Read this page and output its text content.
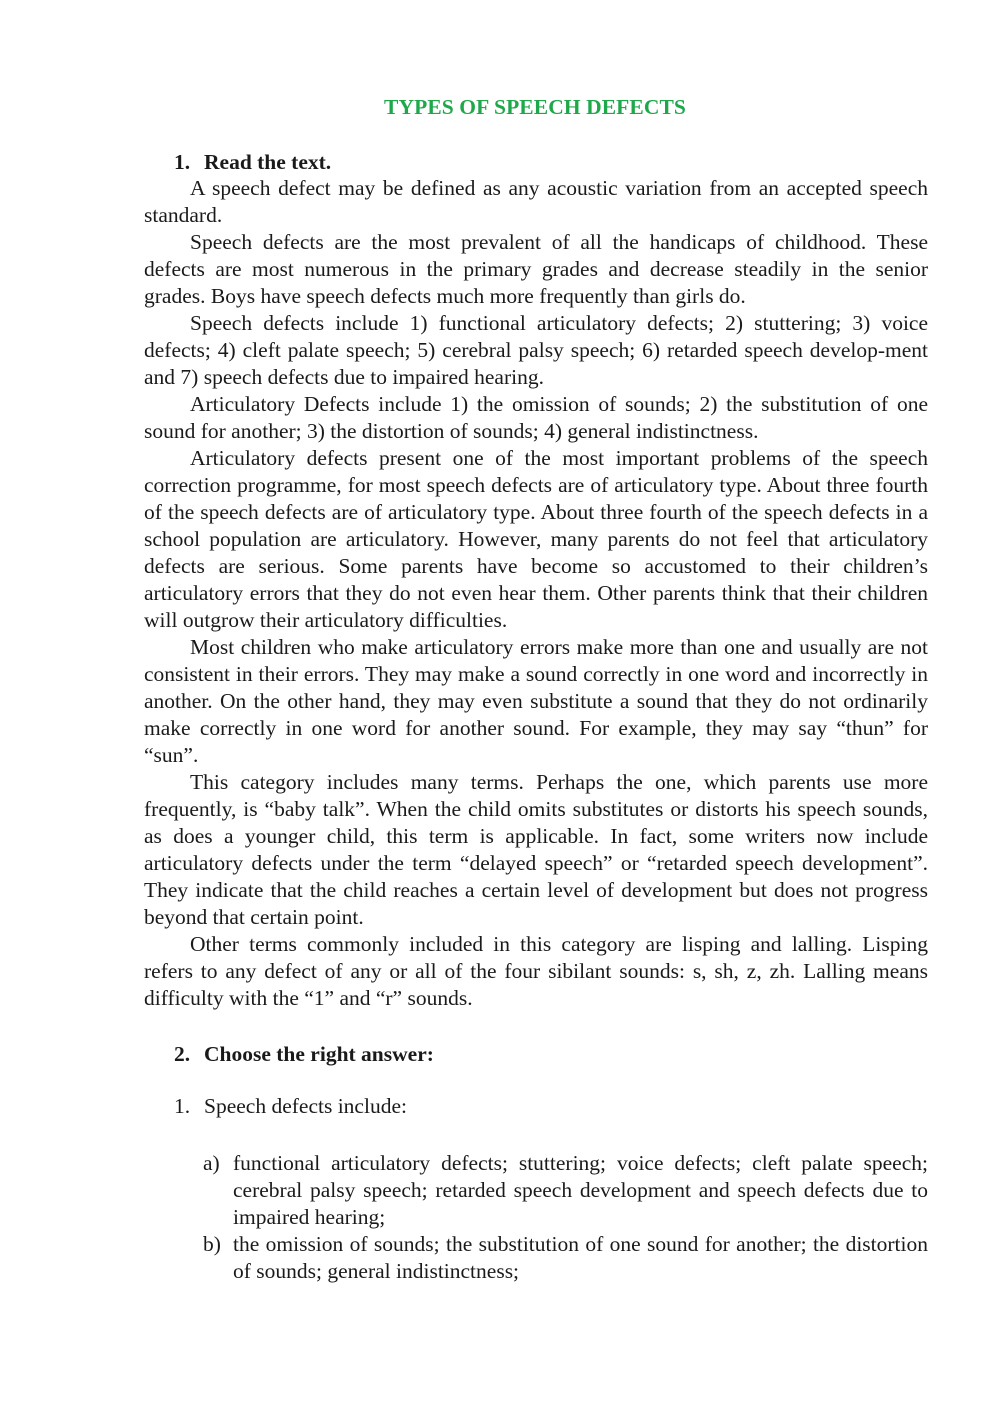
TYPES OF SPEECH DEFECTS
1. Read the text.

A speech defect may be defined as any acoustic variation from an accepted speech standard.

Speech defects are the most prevalent of all the handicaps of childhood. These defects are most numerous in the primary grades and decrease steadily in the senior grades. Boys have speech defects much more frequently than girls do.

Speech defects include 1) functional articulatory defects; 2) stuttering; 3) voice defects; 4) cleft palate speech; 5) cerebral palsy speech; 6) retarded speech develop-ment and 7) speech defects due to impaired hearing.

Articulatory Defects include 1) the omission of sounds; 2) the substitution of one sound for another; 3) the distortion of sounds; 4) general indistinctness.

Articulatory defects present one of the most important problems of the speech correction programme, for most speech defects are of articulatory type. About three fourth of the speech defects are of articulatory type. About three fourth of the speech defects in a school population are articulatory. However, many parents do not feel that articulatory defects are serious. Some parents have become so accustomed to their children’s articulatory errors that they do not even hear them. Other parents think that their children will outgrow their articulatory difficulties.

Most children who make articulatory errors make more than one and usually are not consistent in their errors. They may make a sound correctly in one word and incorrectly in another. On the other hand, they may even substitute a sound that they do not ordinarily make correctly in one word for another sound. For example, they may say “thun” for “sun”.

This category includes many terms. Perhaps the one, which parents use more frequently, is “baby talk”. When the child omits substitutes or distorts his speech sounds, as does a younger child, this term is applicable. In fact, some writers now include articulatory defects under the term “delayed speech” or “retarded speech development”. They indicate that the child reaches a certain level of development but does not progress beyond that certain point.

Other terms commonly included in this category are lisping and lalling. Lisping refers to any defect of any or all of the four sibilant sounds: s, sh, z, zh. Lalling means difficulty with the “1” and “r” sounds.

2. Choose the right answer:
1. Speech defects include:
a) functional articulatory defects; stuttering; voice defects; cleft palate speech; cerebral palsy speech; retarded speech development and speech defects due to impaired hearing;
b) the omission of sounds; the substitution of one sound for another; the distortion of sounds; general indistinctness;
